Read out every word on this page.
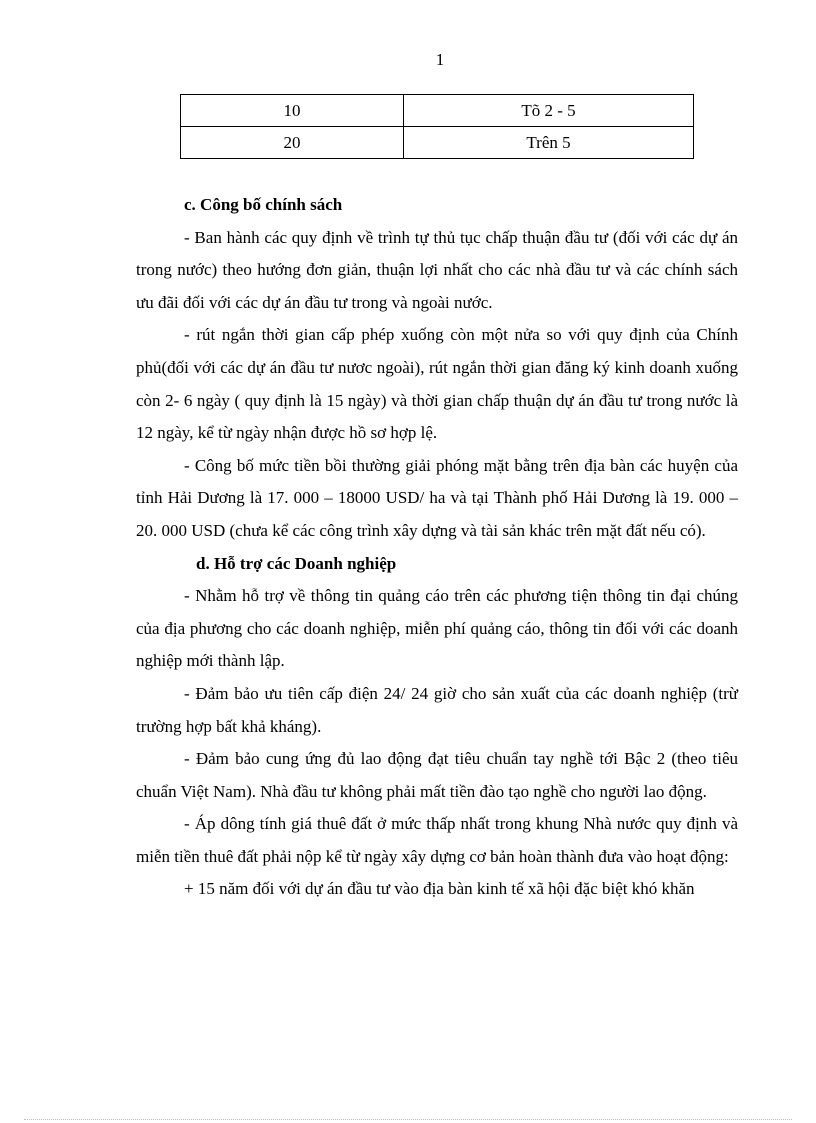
1
10	Tõ 2 - 5
20	Trên 5
c. Công bố chính sách

- Ban hành các quy định về trình tự thủ tục chấp thuận đầu tư (đối với các dự án trong nước) theo hướng đơn giản, thuận lợi nhất cho các nhà đầu tư và các chính sách ưu đãi đối với các dự án đầu tư trong và ngoài nước.

- rút ngắn thời gian cấp phép xuống còn một nửa so với quy định của Chính phủ(đối với các dự án đầu tư nươc ngoài), rút ngắn thời gian đăng ký kinh doanh xuống còn 2- 6 ngày ( quy định là 15 ngày) và thời gian chấp thuận dự án đầu tư trong nước là 12 ngày, kể từ ngày nhận được hồ sơ hợp lệ.

- Công bố mức tiền bồi thường giải phóng mặt bằng trên địa bàn các huyện của tỉnh Hải Dương là 17. 000 – 18000 USD/ ha và tại Thành phố Hải Dương là 19. 000 – 20. 000 USD (chưa kể các công trình xây dựng và tài sản khác trên mặt đất nếu có).

d. Hỗ trợ các Doanh nghiệp

- Nhằm hỗ trợ về thông tin quảng cáo trên các phương tiện thông tin đại chúng của địa phương cho các doanh nghiệp, miễn phí quảng cáo, thông tin đối với các doanh nghiệp mới thành lập.

- Đảm bảo ưu tiên cấp điện 24/ 24 giờ cho sản xuất của các doanh nghiệp (trừ trường hợp bất khả kháng).

- Đảm bảo cung ứng đủ lao động đạt tiêu chuẩn tay nghề tới Bậc 2 (theo tiêu chuẩn Việt Nam). Nhà đầu tư không phải mất tiền đào tạo nghề cho người lao động.

- Áp dông tính giá thuê đất ở mức thấp nhất trong khung Nhà nước quy định và miễn tiền thuê đất phải nộp kể từ ngày xây dựng cơ bản hoàn thành đưa vào hoạt động:

+ 15 năm đối với dự án đầu tư vào địa bàn kinh tế xã hội đặc biệt khó khăn
